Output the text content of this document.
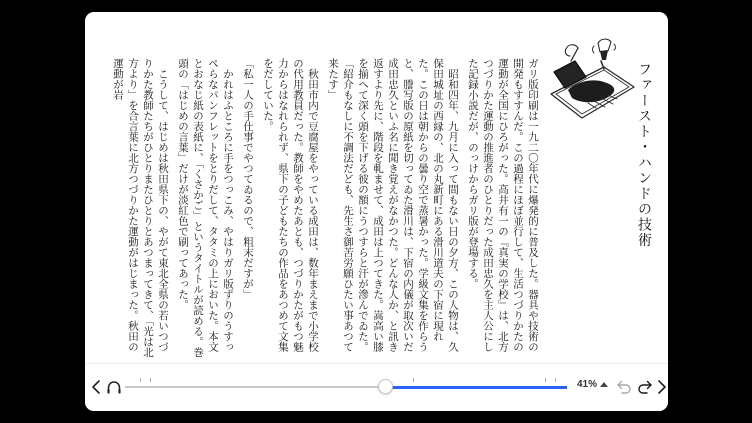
ファースト・ハンドの技術

ガリ版印刷は一九二〇年代に爆発的に普及した。器具や技術の開発もすすんだ。この過程にほぼ並行して、生活つづりかたの運動が全国にひろがった。高井有一の『真実の学校』は、北方つづりかた運動の推進者のひとりだった成田忠久を主人公にした記録小説だが、のっけからガリ版が登場する。

　昭和四年、九月に入って間もない日の夕方、この人物は、久保田城址の西縁の、北の丸新町にある滑川道夫の下宿に現れた。この日は朝からの曇り空で蒸暑かった。学級文集を作らうと、謄写版の原紙を切ってゐた滑川は、下宿の内儀が取次いだ成田忠久といふ名に聞き覚えがなかつた。どんな人か、と訊き返すより先に、階段を軋ませて、成田は上つてきた。嵩高い膝を揃へて深く頭を下げる彼の額にうつすらと汗が滲んでゐた。「紹介もなしに不調法だども、先生さ御苦労願ひたい事あつて来たす」

　秋田市内で豆腐屋をやっている成田は、数年まえまで小学校の代用教員だった。教師をやめたあとも、つづりかたがもつ魅力からはなれられず、県下の子どもたちの作品をあつめて文集をだしていた。

「私一人の手仕事でやつてゐるので、粗末だすが」

　かれはふところに手をつっこみ、やはりガリ版ずりのうすっぺらなパンフレットをとりだして、タタミの上においた。本文とおなじ紙の表紙に、「くさかご」というタイトルが読める。巻頭の「はじめの言葉」だけが淡紅色で刷ってあった。

　こうして、はじめは秋田県下の、やがて東北全県の若いつづりかた教師たちがひとりまたひとりとあつまってきて、「光は北方より」を合言葉に北方つづりかた運動がはじまった。秋田の運動が岩

41%
